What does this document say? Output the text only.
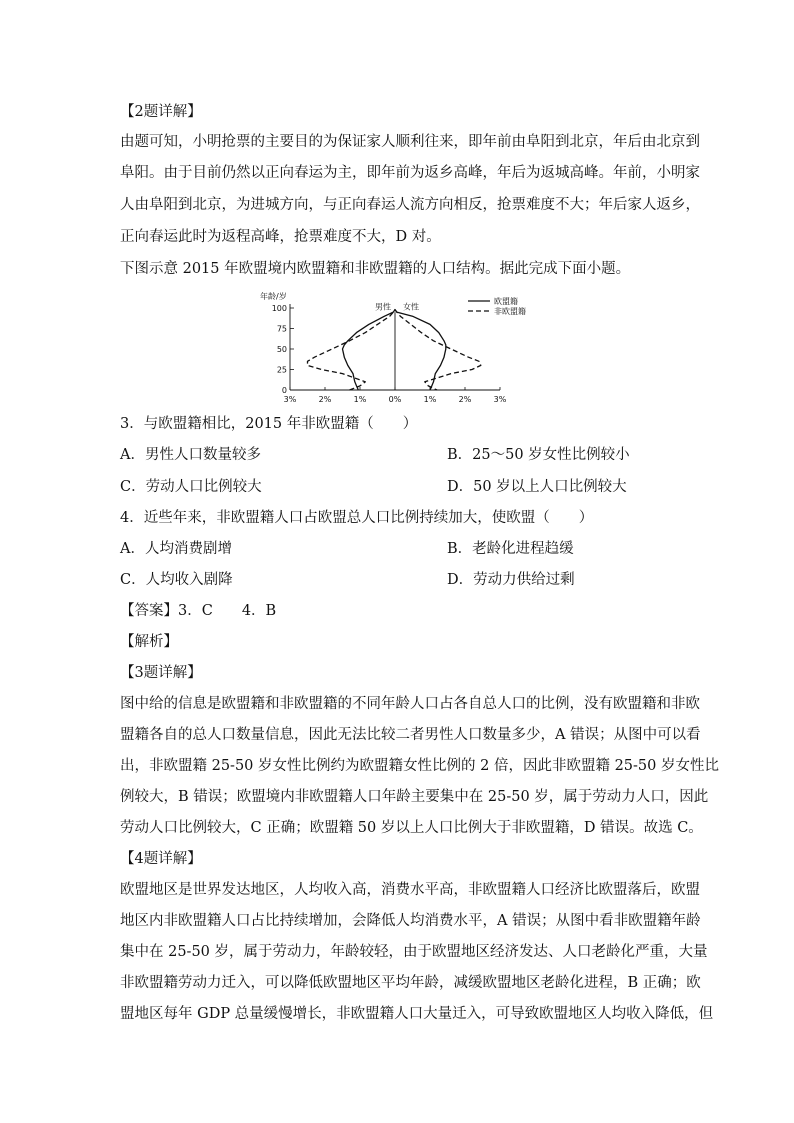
【2题详解】
由题可知，小明抢票的主要目的为保证家人顺利往来，即年前由阜阳到北京，年后由北京到
阜阳。由于目前仍然以正向春运为主，即年前为返乡高峰，年后为返城高峰。年前，小明家
人由阜阳到北京，为进城方向，与正向春运人流方向相反，抢票难度不大；年后家人返乡，
正向春运此时为返程高峰，抢票难度不大，D 对。
下图示意 2015 年欧盟境内欧盟籍和非欧盟籍的人口结构。据此完成下面小题。
100
75
50
25
0
年龄/岁
3%	2%	1%	0%	1%	2%	3%
男性 女性
欧盟籍
非欧盟籍
3．与欧盟籍相比，2015 年非欧盟籍（　　）
A．男性人口数量较多	B．25～50 岁女性比例较小
C．劳动人口比例较大	D．50 岁以上人口比例较大
4．近些年来，非欧盟籍人口占欧盟总人口比例持续加大，使欧盟（　　）
A．人均消费剧增	B．老龄化进程趋缓
C．人均收入剧降	D．劳动力供给过剩
【答案】3．C　　4．B
【解析】
【3题详解】
图中给的信息是欧盟籍和非欧盟籍的不同年龄人口占各自总人口的比例，没有欧盟籍和非欧
盟籍各自的总人口数量信息，因此无法比较二者男性人口数量多少，A 错误；从图中可以看
出，非欧盟籍 25-50 岁女性比例约为欧盟籍女性比例的 2 倍，因此非欧盟籍 25-50 岁女性比
例较大，B 错误；欧盟境内非欧盟籍人口年龄主要集中在 25-50 岁，属于劳动力人口，因此
劳动人口比例较大，C 正确；欧盟籍 50 岁以上人口比例大于非欧盟籍，D 错误。故选 C。
【4题详解】
欧盟地区是世界发达地区，人均收入高，消费水平高，非欧盟籍人口经济比欧盟落后，欧盟
地区内非欧盟籍人口占比持续增加，会降低人均消费水平，A 错误；从图中看非欧盟籍年龄
集中在 25-50 岁，属于劳动力，年龄较轻，由于欧盟地区经济发达、人口老龄化严重，大量
非欧盟籍劳动力迁入，可以降低欧盟地区平均年龄，减缓欧盟地区老龄化进程，B 正确；欧
盟地区每年 GDP 总量缓慢增长，非欧盟籍人口大量迁入，可导致欧盟地区人均收入降低，但
